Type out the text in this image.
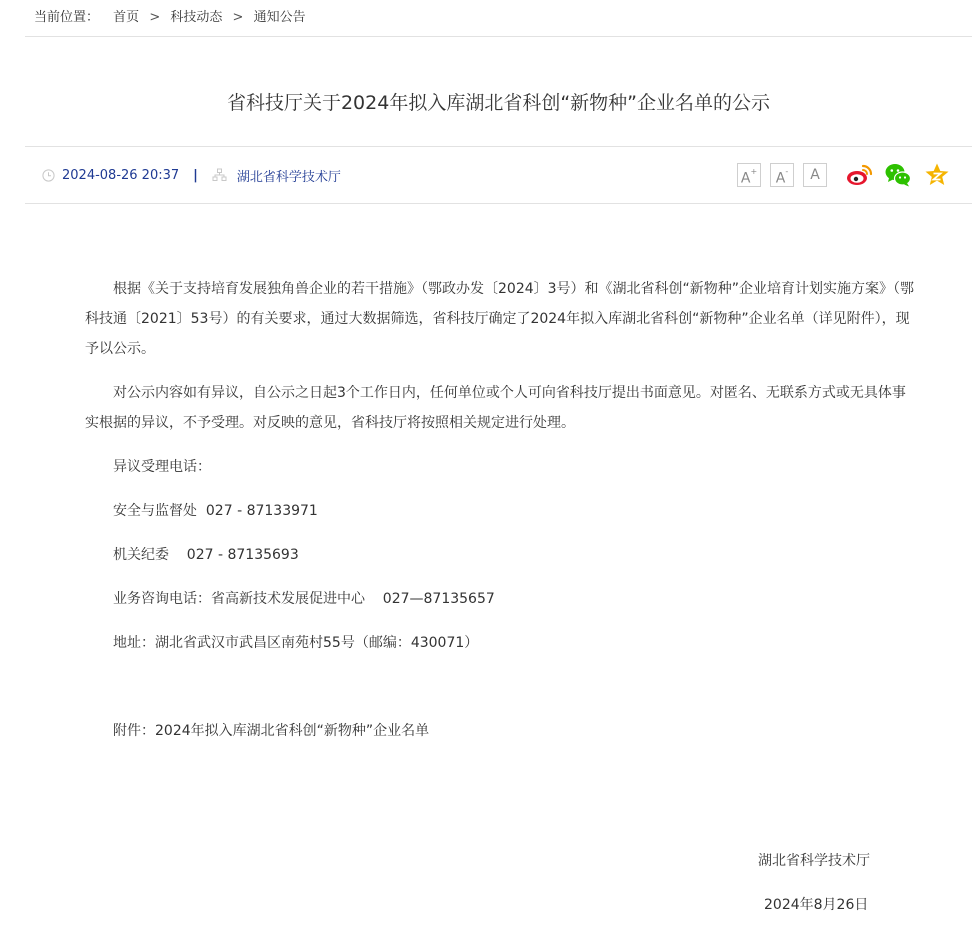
当前位置： 首页 > 科技动态 > 通知公告
省科技厅关于2024年拟入库湖北省科创“新物种”企业名单的公示
2024-08-26 20:37 |	湖北省科学技术厅	A+	A-	A

根据《关于支持培育发展独角兽企业的若干措施》（鄂政办发〔2024〕3号）和《湖北省科创“新物种”企业培育计划实施方案》（鄂科技通〔2021〕53号）的有关要求，通过大数据筛选，省科技厅确定了2024年拟入库湖北省科创“新物种”企业名单（详见附件），现予以公示。

对公示内容如有异议，自公示之日起3个工作日内，任何单位或个人可向省科技厅提出书面意见。对匿名、无联系方式或无具体事实根据的异议，不予受理。对反映的意见，省科技厅将按照相关规定进行处理。

异议受理电话：

安全与监督处  027 - 87133971

机关纪委    027 - 87135693

业务咨询电话：省高新技术发展促进中心    027—87135657

地址：湖北省武汉市武昌区南苑村55号（邮编：430071）

附件：2024年拟入库湖北省科创“新物种”企业名单

湖北省科学技术厅
2024年8月26日
